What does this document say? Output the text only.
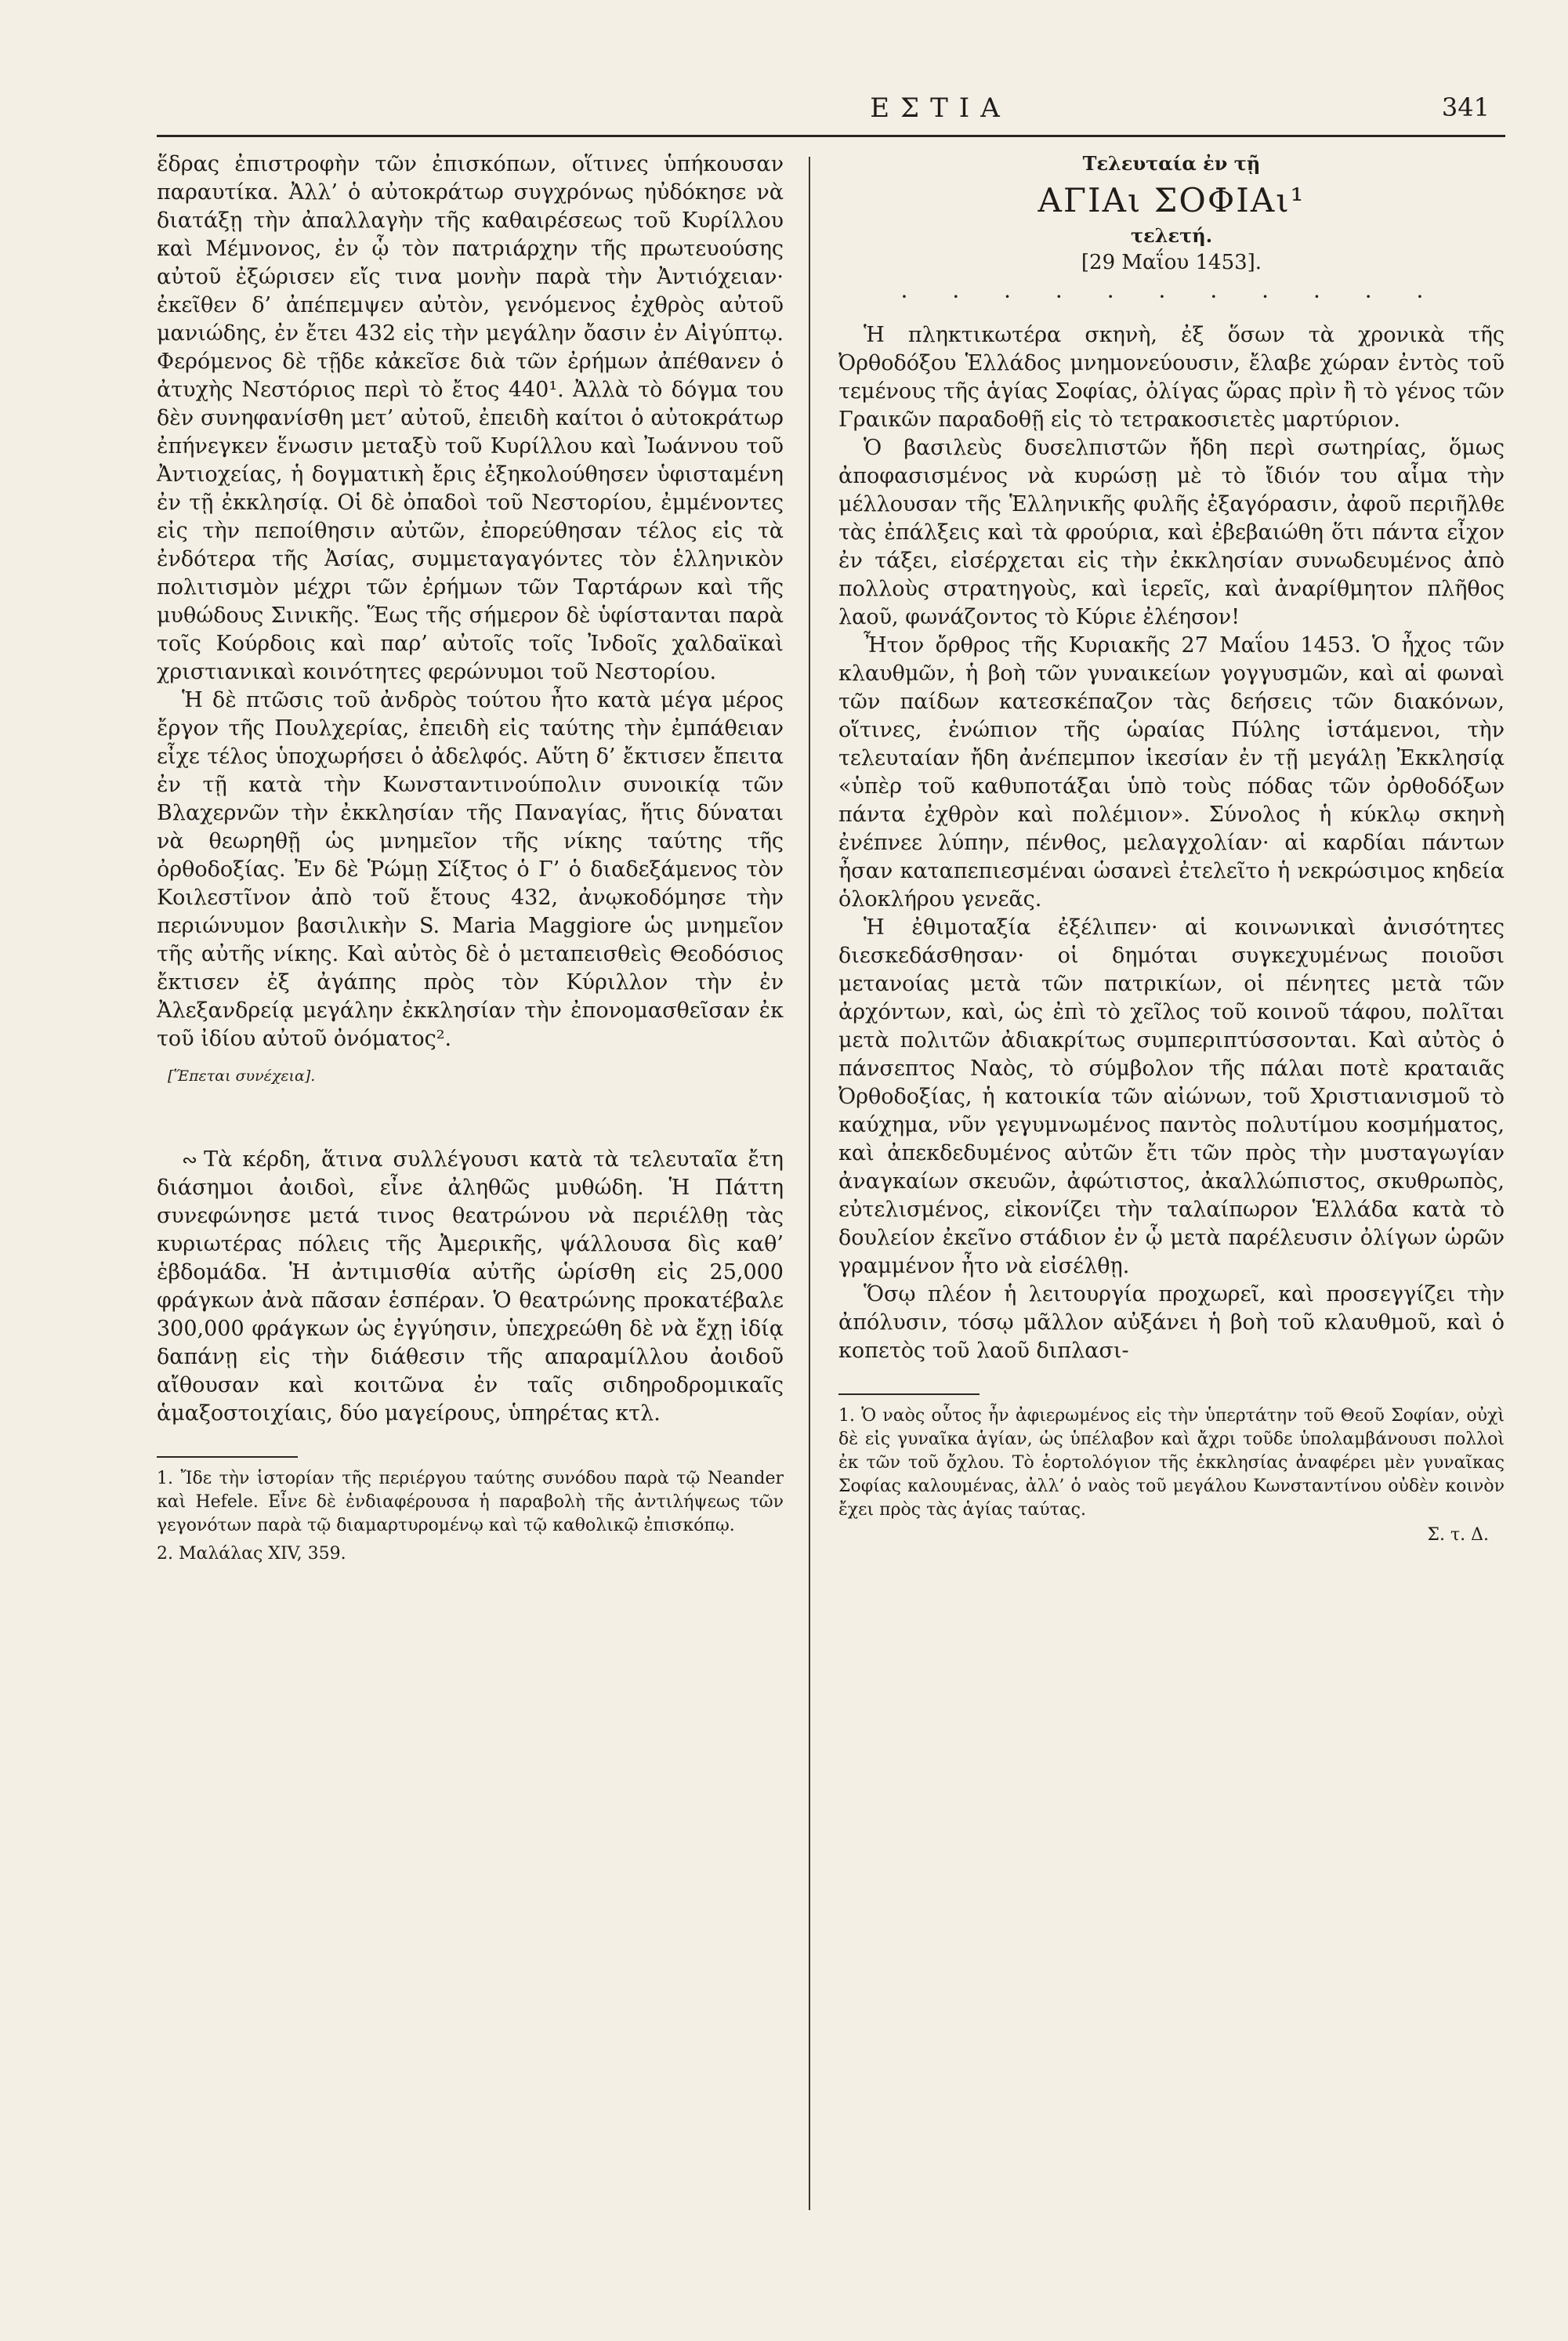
ΕΣΤΙΑ	341

ἕδρας ἐπιστροφὴν τῶν ἐπισκόπων, οἵτινες ὑπήκουσαν παραυτίκα. Ἀλλ’ ὁ αὐτοκράτωρ συγχρόνως ηὐδόκησε νὰ διατάξῃ τὴν ἀπαλλαγὴν τῆς καθαιρέσεως τοῦ Κυρίλλου καὶ Μέμνονος, ἐν ᾧ τὸν πατριάρχην τῆς πρωτευούσης αὐτοῦ ἐξώρισεν εἴς τινα μονὴν παρὰ τὴν Ἀντιόχειαν· ἐκεῖθεν δ’ ἀπέπεμψεν αὐτὸν, γενόμενος ἐχθρὸς αὐτοῦ μανιώδης, ἐν ἔτει 432 εἰς τὴν μεγάλην ὄασιν ἐν Αἰγύπτῳ. Φερόμενος δὲ τῇδε κἀκεῖσε διὰ τῶν ἐρήμων ἀπέθανεν ὁ ἀτυχὴς Νεστόριος περὶ τὸ ἔτος 440¹. Ἀλλὰ τὸ δόγμα του δὲν συνηφανίσθη μετ’ αὐτοῦ, ἐπειδὴ καίτοι ὁ αὐτοκράτωρ ἐπήνεγκεν ἕνωσιν μεταξὺ τοῦ Κυρίλλου καὶ Ἰωάννου τοῦ Ἀντιοχείας, ἡ δογματικὴ ἔρις ἐξηκολούθησεν ὑφισταμένη ἐν τῇ ἐκκλησίᾳ. Οἱ δὲ ὀπαδοὶ τοῦ Νεστορίου, ἐμμένοντες εἰς τὴν πεποίθησιν αὐτῶν, ἐπορεύθησαν τέλος εἰς τὰ ἐνδότερα τῆς Ἀσίας, συμμεταγαγόντες τὸν ἑλληνικὸν πολιτισμὸν μέχρι τῶν ἐρήμων τῶν Ταρτάρων καὶ τῆς μυθώδους Σινικῆς. Ἕως τῆς σήμερον δὲ ὑφίστανται παρὰ τοῖς Κούρδοις καὶ παρ’ αὐτοῖς τοῖς Ἰνδοῖς χαλδαϊκαὶ χριστιανικαὶ κοινότητες φερώνυμοι τοῦ Νεστορίου.

Ἡ δὲ πτῶσις τοῦ ἀνδρὸς τούτου ἦτο κατὰ μέγα μέρος ἔργον τῆς Πουλχερίας, ἐπειδὴ εἰς ταύτης τὴν ἐμπάθειαν εἶχε τέλος ὑποχωρήσει ὁ ἀδελφός. Αὕτη δ’ ἔκτισεν ἔπειτα ἐν τῇ κατὰ τὴν Κωνσταντινούπολιν συνοικίᾳ τῶν Βλαχερνῶν τὴν ἐκκλησίαν τῆς Παναγίας, ἥτις δύναται νὰ θεωρηθῇ ὡς μνημεῖον τῆς νίκης ταύτης τῆς ὀρθοδοξίας. Ἐν δὲ Ῥώμῃ Σίξτος ὁ Γ’ ὁ διαδεξάμενος τὸν Κοιλεστῖνον ἀπὸ τοῦ ἔτους 432, ἀνῳκοδόμησε τὴν περιώνυμον βασιλικὴν S. Maria Maggiore ὡς μνημεῖον τῆς αὐτῆς νίκης. Καὶ αὐτὸς δὲ ὁ μεταπεισθεὶς Θεοδόσιος ἔκτισεν ἐξ ἀγάπης πρὸς τὸν Κύριλλον τὴν ἐν Ἀλεξανδρείᾳ μεγάλην ἐκκλησίαν τὴν ἐπονομασθεῖσαν ἐκ τοῦ ἰδίου αὐτοῦ ὀνόματος².

[Ἕπεται συνέχεια].

∾ Τὰ κέρδη, ἅτινα συλλέγουσι κατὰ τὰ τελευταῖα ἔτη διάσημοι ἀοιδοὶ, εἶνε ἀληθῶς μυθώδη. Ἡ Πάττη συνεφώνησε μετά τινος θεατρώνου νὰ περιέλθῃ τὰς κυριωτέρας πόλεις τῆς Ἀμερικῆς, ψάλλουσα δὶς καθ’ ἑβδομάδα. Ἡ ἀντιμισθία αὐτῆς ὡρίσθη εἰς 25,000 φράγκων ἀνὰ πᾶσαν ἑσπέραν. Ὁ θεατρώνης προκατέβαλε 300,000 φράγκων ὡς ἐγγύησιν, ὑπεχρεώθη δὲ νὰ ἔχῃ ἰδίᾳ δαπάνῃ εἰς τὴν διάθεσιν τῆς απαραμίλλου ἀοιδοῦ αἴθουσαν καὶ κοιτῶνα ἐν ταῖς σιδηροδρομικαῖς ἁμαξοστοιχίαις, δύο μαγείρους, ὑπηρέτας κτλ.

1. Ἴδε τὴν ἱστορίαν τῆς περιέργου ταύτης συνόδου παρὰ τῷ Neander καὶ Hefele. Εἶνε δὲ ἐνδιαφέρουσα ἡ παραβολὴ τῆς ἀντιλήψεως τῶν γεγονότων παρὰ τῷ διαμαρτυρομένῳ καὶ τῷ καθολικῷ ἐπισκόπῳ.

2. Μαλάλας XIV, 359.

Τελευταία ἐν τῇ
ΑΓΙΑι ΣΟΦΙΑι¹
τελετή.
[29 Μαΐου 1453].
· · · · · · · · · · ·

Ἡ πληκτικωτέρα σκηνὴ, ἐξ ὅσων τὰ χρονικὰ τῆς Ὀρθοδόξου Ἑλλάδος μνημονεύουσιν, ἔλαβε χώραν ἐντὸς τοῦ τεμένους τῆς ἁγίας Σοφίας, ὀλίγας ὥρας πρὶν ἢ τὸ γένος τῶν Γραικῶν παραδοθῇ εἰς τὸ τετρακοσιετὲς μαρτύριον.

Ὁ βασιλεὺς δυσελπιστῶν ἤδη περὶ σωτηρίας, ὅμως ἀποφασισμένος νὰ κυρώσῃ μὲ τὸ ἴδιόν του αἷμα τὴν μέλλουσαν τῆς Ἑλληνικῆς φυλῆς ἐξαγόρασιν, ἀφοῦ περιῆλθε τὰς ἐπάλξεις καὶ τὰ φρούρια, καὶ ἐβεβαιώθη ὅτι πάντα εἶχον ἐν τάξει, εἰσέρχεται εἰς τὴν ἐκκλησίαν συνωδευμένος ἀπὸ πολλοὺς στρατηγοὺς, καὶ ἱερεῖς, καὶ ἀναρίθμητον πλῆθος λαοῦ, φωνάζοντος τὸ Κύριε ἐλέησον!

Ἦτον ὄρθρος τῆς Κυριακῆς 27 Μαΐου 1453. Ὁ ἦχος τῶν κλαυθμῶν, ἡ βοὴ τῶν γυναικείων γογγυσμῶν, καὶ αἱ φωναὶ τῶν παίδων κατεσκέπαζον τὰς δεήσεις τῶν διακόνων, οἵτινες, ἐνώπιον τῆς ὡραίας Πύλης ἱστάμενοι, τὴν τελευταίαν ἤδη ἀνέπεμπον ἱκεσίαν ἐν τῇ μεγάλῃ Ἐκκλησίᾳ «ὑπὲρ τοῦ καθυποτάξαι ὑπὸ τοὺς πόδας τῶν ὀρθοδόξων πάντα ἐχθρὸν καὶ πολέμιον». Σύνολος ἡ κύκλῳ σκηνὴ ἐνέπνεε λύπην, πένθος, μελαγχολίαν· αἱ καρδίαι πάντων ἦσαν καταπεπιεσμέναι ὡσανεὶ ἐτελεῖτο ἡ νεκρώσιμος κηδεία ὁλοκλήρου γενεᾶς.

Ἡ ἐθιμοταξία ἐξέλιπεν· αἱ κοινωνικαὶ ἀνισότητες διεσκεδάσθησαν· οἱ δημόται συγκεχυμένως ποιοῦσι μετανοίας μετὰ τῶν πατρικίων, οἱ πένητες μετὰ τῶν ἀρχόντων, καὶ, ὡς ἐπὶ τὸ χεῖλος τοῦ κοινοῦ τάφου, πολῖται μετὰ πολιτῶν ἀδιακρίτως συμπεριπτύσσονται. Καὶ αὐτὸς ὁ πάνσεπτος Ναὸς, τὸ σύμβολον τῆς πάλαι ποτὲ κραταιᾶς Ὀρθοδοξίας, ἡ κατοικία τῶν αἰώνων, τοῦ Χριστιανισμοῦ τὸ καύχημα, νῦν γεγυμνωμένος παντὸς πολυτίμου κοσμήματος, καὶ ἀπεκδεδυμένος αὐτῶν ἔτι τῶν πρὸς τὴν μυσταγωγίαν ἀναγκαίων σκευῶν, ἀφώτιστος, ἀκαλλώπιστος, σκυθρωπὸς, εὐτελισμένος, εἰκονίζει τὴν ταλαίπωρον Ἑλλάδα κατὰ τὸ δουλείον ἐκεῖνο στάδιον ἐν ᾧ μετὰ παρέλευσιν ὀλίγων ὡρῶν γραμμένον ἦτο νὰ εἰσέλθῃ.

Ὅσῳ πλέον ἡ λειτουργία προχωρεῖ, καὶ προσεγγίζει τὴν ἀπόλυσιν, τόσῳ μᾶλλον αὐξάνει ἡ βοὴ τοῦ κλαυθμοῦ, καὶ ὁ κοπετὸς τοῦ λαοῦ διπλασι-

1. Ὁ ναὸς οὗτος ἦν ἀφιερωμένος εἰς τὴν ὑπερτάτην τοῦ Θεοῦ Σοφίαν, οὐχὶ δὲ εἰς γυναῖκα ἁγίαν, ὡς ὑπέλαβον καὶ ἄχρι τοῦδε ὑπολαμβάνουσι πολλοὶ ἐκ τῶν τοῦ ὄχλου. Τὸ ἑορτολόγιον τῆς ἐκκλησίας ἀναφέρει μὲν γυναῖκας Σοφίας καλουμένας, ἀλλ’ ὁ ναὸς τοῦ μεγάλου Κωνσταντίνου οὐδὲν κοινὸν ἔχει πρὸς τὰς ἁγίας ταύτας.

Σ. τ. Δ.
